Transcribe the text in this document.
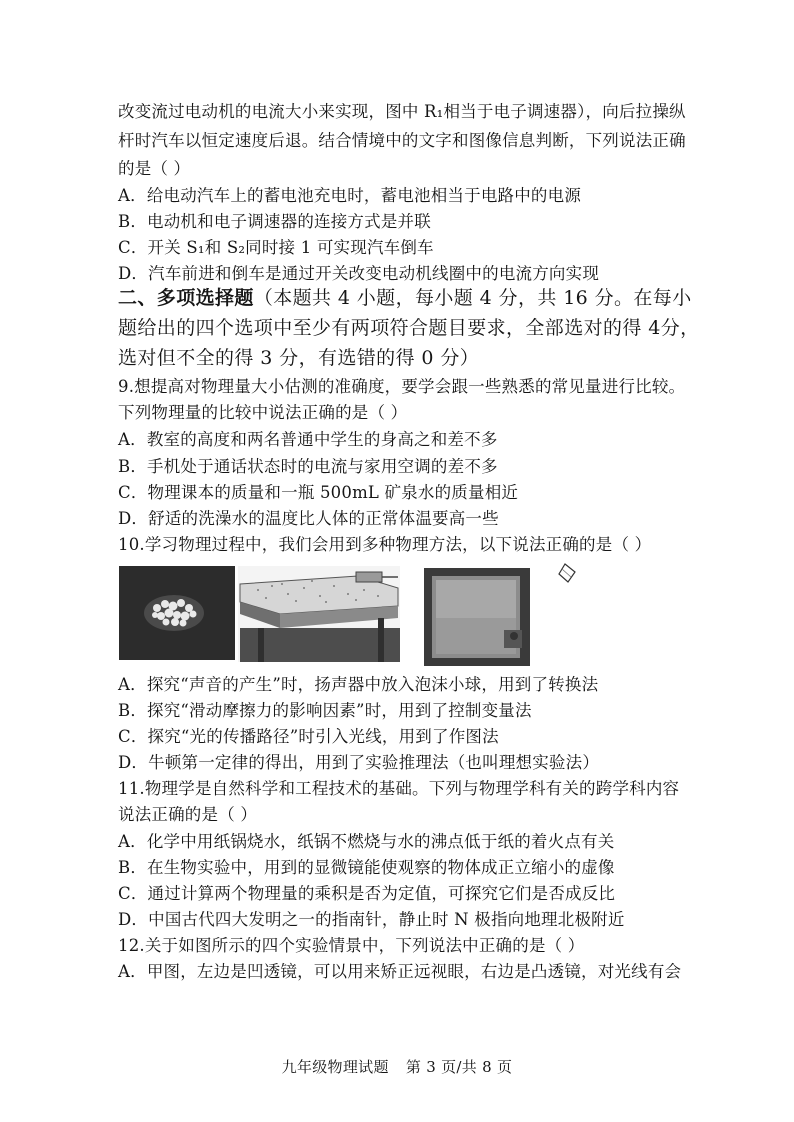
改变流过电动机的电流大小来实现，图中 R₁相当于电子调速器），向后拉操纵
杆时汽车以恒定速度后退。结合情境中的文字和图像信息判断，下列说法正确
的是（ ）
A．给电动汽车上的蓄电池充电时，蓄电池相当于电路中的电源
B．电动机和电子调速器的连接方式是并联
C．开关 S₁和 S₂同时接 1 可实现汽车倒车
D．汽车前进和倒车是通过开关改变电动机线圈中的电流方向实现
二、多项选择题（本题共 4 小题，每小题 4 分，共 16 分。在每小
题给出的四个选项中至少有两项符合题目要求，全部选对的得 4分，
选对但不全的得 3 分，有选错的得 0 分）
9.想提高对物理量大小估测的准确度，要学会跟一些熟悉的常见量进行比较。
下列物理量的比较中说法正确的是（ ）
A．教室的高度和两名普通中学生的身高之和差不多
B．手机处于通话状态时的电流与家用空调的差不多
C．物理课本的质量和一瓶 500mL 矿泉水的质量相近
D．舒适的洗澡水的温度比人体的正常体温要高一些
10.学习物理过程中，我们会用到多种物理方法，以下说法正确的是（ ）
A．探究“声音的产生”时，扬声器中放入泡沫小球，用到了转换法
B．探究“滑动摩擦力的影响因素”时，用到了控制变量法
C．探究“光的传播路径”时引入光线，用到了作图法
D．牛顿第一定律的得出，用到了实验推理法（也叫理想实验法）
11.物理学是自然科学和工程技术的基础。下列与物理学科有关的跨学科内容
说法正确的是（ ）
A．化学中用纸锅烧水，纸锅不燃烧与水的沸点低于纸的着火点有关
B．在生物实验中，用到的显微镜能使观察的物体成正立缩小的虚像
C．通过计算两个物理量的乘积是否为定值，可探究它们是否成反比
D．中国古代四大发明之一的指南针，静止时 N 极指向地理北极附近
12.关于如图所示的四个实验情景中，下列说法中正确的是（ ）
A．甲图，左边是凹透镜，可以用来矫正远视眼，右边是凸透镜，对光线有会
九年级物理试题 第 3 页/共 8 页
